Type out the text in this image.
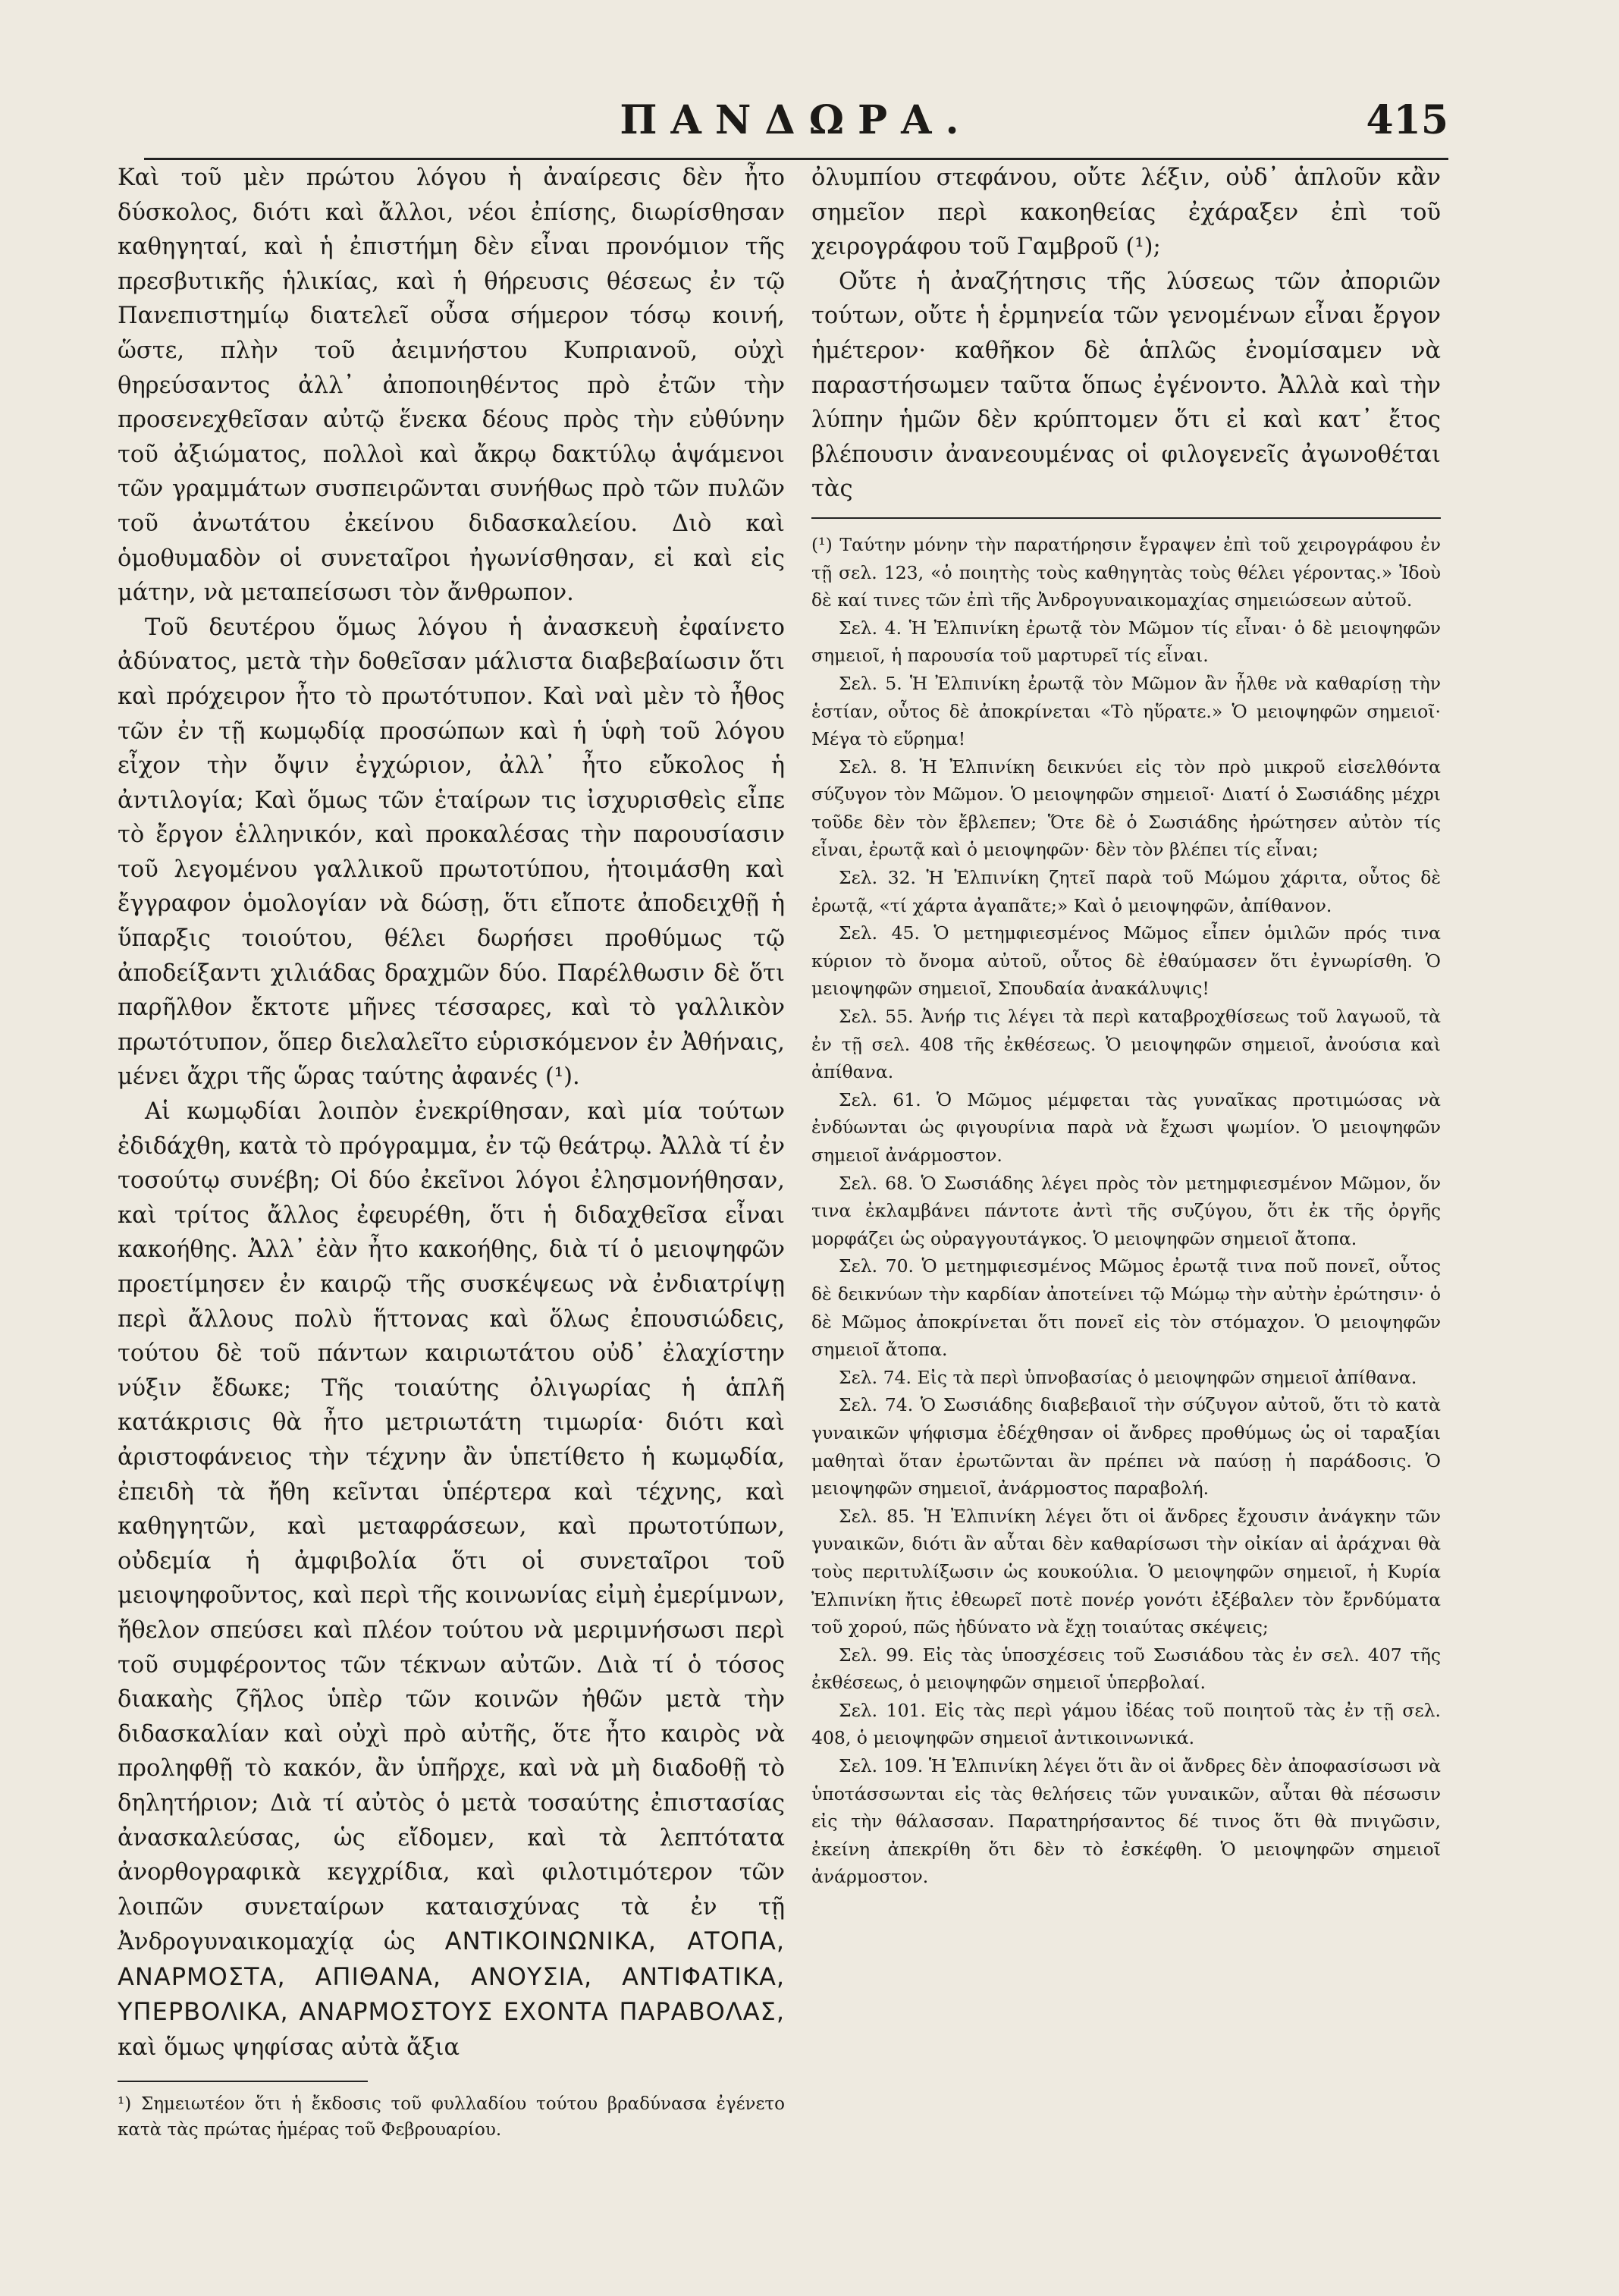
ΠΑΝΔΩΡΑ.	415

Καὶ τοῦ μὲν πρώτου λόγου ἡ ἀναίρεσις δὲν ἦτο δύσκολος, διότι καὶ ἄλλοι, νέοι ἐπίσης, διωρίσθησαν καθηγηταί, καὶ ἡ ἐπιστήμη δὲν εἶναι προνόμιον τῆς πρεσβυτικῆς ἡλικίας, καὶ ἡ θήρευσις θέσεως ἐν τῷ Πανεπιστημίῳ διατελεῖ οὖσα σήμερον τόσῳ κοινή, ὥστε, πλὴν τοῦ ἀειμνήστου Κυπριανοῦ, οὐχὶ θηρεύσαντος ἀλλ᾽ ἀποποιηθέντος πρὸ ἐτῶν τὴν προσενεχθεῖσαν αὐτῷ ἕνεκα δέους πρὸς τὴν εὐθύνην τοῦ ἀξιώματος, πολλοὶ καὶ ἄκρῳ δακτύλῳ ἁψάμενοι τῶν γραμμάτων συσπειρῶνται συνήθως πρὸ τῶν πυλῶν τοῦ ἀνωτάτου ἐκείνου διδασκαλείου. Διὸ καὶ ὁμοθυμαδὸν οἱ συνεταῖροι ἠγωνίσθησαν, εἰ καὶ εἰς μάτην, νὰ μεταπείσωσι τὸν ἄνθρωπον.

Τοῦ δευτέρου ὅμως λόγου ἡ ἀνασκευὴ ἐφαίνετο ἀδύνατος, μετὰ τὴν δοθεῖσαν μάλιστα διαβεβαίωσιν ὅτι καὶ πρόχειρον ἦτο τὸ πρωτότυπον. Καὶ ναὶ μὲν τὸ ἦθος τῶν ἐν τῇ κωμῳδίᾳ προσώπων καὶ ἡ ὑφὴ τοῦ λόγου εἶχον τὴν ὄψιν ἐγχώριον, ἀλλ᾽ ἦτο εὔκολος ἡ ἀντιλογία; Καὶ ὅμως τῶν ἑταίρων τις ἰσχυρισθεὶς εἶπε τὸ ἔργον ἑλληνικόν, καὶ προκαλέσας τὴν παρουσίασιν τοῦ λεγομένου γαλλικοῦ πρωτοτύπου, ἡτοιμάσθη καὶ ἔγγραφον ὁμολογίαν νὰ δώσῃ, ὅτι εἴποτε ἀποδειχθῇ ἡ ὕπαρξις τοιούτου, θέλει δωρήσει προθύμως τῷ ἀποδείξαντι χιλιάδας δραχμῶν δύο. Παρέλθωσιν δὲ ὅτι παρῆλθον ἔκτοτε μῆνες τέσσαρες, καὶ τὸ γαλλικὸν πρωτότυπον, ὅπερ διελαλεῖτο εὑρισκόμενον ἐν Ἀθήναις, μένει ἄχρι τῆς ὥρας ταύτης ἀφανές (¹).

Αἱ κωμῳδίαι λοιπὸν ἐνεκρίθησαν, καὶ μία τούτων ἐδιδάχθη, κατὰ τὸ πρόγραμμα, ἐν τῷ θεάτρῳ. Ἀλλὰ τί ἐν τοσούτῳ συνέβη; Οἱ δύο ἐκεῖνοι λόγοι ἐλησμονήθησαν, καὶ τρίτος ἄλλος ἐφευρέθη, ὅτι ἡ διδαχθεῖσα εἶναι κακοήθης. Ἀλλ᾽ ἐὰν ἦτο κακοήθης, διὰ τί ὁ μειοψηφῶν προετίμησεν ἐν καιρῷ τῆς συσκέψεως νὰ ἐνδιατρίψῃ περὶ ἄλλους πολὺ ἥττονας καὶ ὅλως ἐπουσιώδεις, τούτου δὲ τοῦ πάντων καιριωτάτου οὐδ᾽ ἐλαχίστην νύξιν ἔδωκε; Τῆς τοιαύτης ὀλιγωρίας ἡ ἁπλῆ κατάκρισις θὰ ἦτο μετριωτάτη τιμωρία· διότι καὶ ἀριστοφάνειος τὴν τέχνην ἂν ὑπετίθετο ἡ κωμῳδία, ἐπειδὴ τὰ ἤθη κεῖνται ὑπέρτερα καὶ τέχνης, καὶ καθηγητῶν, καὶ μεταφράσεων, καὶ πρωτοτύπων, οὐδεμία ἡ ἀμφιβολία ὅτι οἱ συνεταῖροι τοῦ μειοψηφοῦντος, καὶ περὶ τῆς κοινωνίας εἰμὴ ἐμερίμνων, ἤθελον σπεύσει καὶ πλέον τούτου νὰ μεριμνήσωσι περὶ τοῦ συμφέροντος τῶν τέκνων αὐτῶν. Διὰ τί ὁ τόσος διακαὴς ζῆλος ὑπὲρ τῶν κοινῶν ἠθῶν μετὰ τὴν διδασκαλίαν καὶ οὐχὶ πρὸ αὐτῆς, ὅτε ἦτο καιρὸς νὰ προληφθῇ τὸ κακόν, ἂν ὑπῆρχε, καὶ νὰ μὴ διαδοθῇ τὸ δηλητήριον; Διὰ τί αὐτὸς ὁ μετὰ τοσαύτης ἐπιστασίας ἀνασκαλεύσας, ὡς εἴδομεν, καὶ τὰ λεπτότατα ἀνορθογραφικὰ κεγχρίδια, καὶ φιλοτιμότερον τῶν λοιπῶν συνεταίρων καταισχύνας τὰ ἐν τῇ Ἀνδρογυναικομαχίᾳ ὡς ΑΝΤΙΚΟΙΝΩΝΙΚΑ, ΑΤΟΠΑ, ΑΝΑΡΜΟΣΤΑ, ΑΠΙΘΑΝΑ, ΑΝΟΥΣΙΑ, ΑΝΤΙΦΑΤΙΚΑ, ΥΠΕΡΒΟΛΙΚΑ, ΑΝΑΡΜΟΣΤΟΥΣ ΕΧΟΝΤΑ ΠΑΡΑΒΟΛΑΣ, καὶ ὅμως ψηφίσας αὐτὰ ἄξια

¹) Σημειωτέον ὅτι ἡ ἔκδοσις τοῦ φυλλαδίου τούτου βραδύνασα ἐγένετο κατὰ τὰς πρώτας ἡμέρας τοῦ Φεβρουαρίου.

ὀλυμπίου στεφάνου, οὔτε λέξιν, οὐδ᾽ ἁπλοῦν κἂν σημεῖον περὶ κακοηθείας ἐχάραξεν ἐπὶ τοῦ χειρογράφου τοῦ Γαμβροῦ (¹);

Οὔτε ἡ ἀναζήτησις τῆς λύσεως τῶν ἀποριῶν τούτων, οὔτε ἡ ἑρμηνεία τῶν γενομένων εἶναι ἔργον ἡμέτερον· καθῆκον δὲ ἁπλῶς ἐνομίσαμεν νὰ παραστήσωμεν ταῦτα ὅπως ἐγένοντο. Ἀλλὰ καὶ τὴν λύπην ἡμῶν δὲν κρύπτομεν ὅτι εἰ καὶ κατ᾽ ἔτος βλέπουσιν ἀνανεουμένας οἱ φιλογενεῖς ἀγωνοθέται τὰς

(¹) Ταύτην μόνην τὴν παρατήρησιν ἔγραψεν ἐπὶ τοῦ χειρογράφου ἐν τῇ σελ. 123, «ὁ ποιητὴς τοὺς καθηγητὰς τοὺς θέλει γέροντας.» Ἰδοὺ δὲ καί τινες τῶν ἐπὶ τῆς Ἀνδρογυναικομαχίας σημειώσεων αὐτοῦ.

Σελ. 4. Ἡ Ἐλπινίκη ἐρωτᾷ τὸν Μῶμον τίς εἶναι· ὁ δὲ μειοψηφῶν σημειοῖ, ἡ παρουσία τοῦ μαρτυρεῖ τίς εἶναι.

Σελ. 5. Ἡ Ἐλπινίκη ἐρωτᾷ τὸν Μῶμον ἂν ἦλθε νὰ καθαρίσῃ τὴν ἑστίαν, οὗτος δὲ ἀποκρίνεται «Τὸ ηὕρατε.» Ὁ μειοψηφῶν σημειοῖ· Μέγα τὸ εὕρημα!

Σελ. 8. Ἡ Ἐλπινίκη δεικνύει εἰς τὸν πρὸ μικροῦ εἰσελθόντα σύζυγον τὸν Μῶμον. Ὁ μειοψηφῶν σημειοῖ· Διατί ὁ Σωσιάδης μέχρι τοῦδε δὲν τὸν ἔβλεπεν; Ὅτε δὲ ὁ Σωσιάδης ἠρώτησεν αὐτὸν τίς εἶναι, ἐρωτᾷ καὶ ὁ μειοψηφῶν· δὲν τὸν βλέπει τίς εἶναι;

Σελ. 32. Ἡ Ἐλπινίκη ζητεῖ παρὰ τοῦ Μώμου χάριτα, οὗτος δὲ ἐρωτᾷ, «τί χάρτα ἀγαπᾶτε;» Καὶ ὁ μειοψηφῶν, ἀπίθανον.

Σελ. 45. Ὁ μετημφιεσμένος Μῶμος εἶπεν ὁμιλῶν πρός τινα κύριον τὸ ὄνομα αὐτοῦ, οὗτος δὲ ἐθαύμασεν ὅτι ἐγνωρίσθη. Ὁ μειοψηφῶν σημειοῖ, Σπουδαία ἀνακάλυψις!

Σελ. 55. Ἀνήρ τις λέγει τὰ περὶ καταβροχθίσεως τοῦ λαγωοῦ, τὰ ἐν τῇ σελ. 408 τῆς ἐκθέσεως. Ὁ μειοψηφῶν σημειοῖ, ἀνούσια καὶ ἀπίθανα.

Σελ. 61. Ὁ Μῶμος μέμφεται τὰς γυναῖκας προτιμώσας νὰ ἐνδύωνται ὡς φιγουρίνια παρὰ νὰ ἔχωσι ψωμίον. Ὁ μειοψηφῶν σημειοῖ ἀνάρμοστον.

Σελ. 68. Ὁ Σωσιάδης λέγει πρὸς τὸν μετημφιεσμένον Μῶμον, ὅν τινα ἐκλαμβάνει πάντοτε ἀντὶ τῆς συζύγου, ὅτι ἐκ τῆς ὀργῆς μορφάζει ὡς οὐραγγουτάγκος. Ὁ μειοψηφῶν σημειοῖ ἄτοπα.

Σελ. 70. Ὁ μετημφιεσμένος Μῶμος ἐρωτᾷ τινα ποῦ πονεῖ, οὗτος δὲ δεικνύων τὴν καρδίαν ἀποτείνει τῷ Μώμῳ τὴν αὐτὴν ἐρώτησιν· ὁ δὲ Μῶμος ἀποκρίνεται ὅτι πονεῖ εἰς τὸν στόμαχον. Ὁ μειοψηφῶν σημειοῖ ἄτοπα.

Σελ. 74. Εἰς τὰ περὶ ὑπνοβασίας ὁ μειοψηφῶν σημειοῖ ἀπίθανα.

Σελ. 74. Ὁ Σωσιάδης διαβεβαιοῖ τὴν σύζυγον αὐτοῦ, ὅτι τὸ κατὰ γυναικῶν ψήφισμα ἐδέχθησαν οἱ ἄνδρες προθύμως ὡς οἱ ταραξίαι μαθηταὶ ὅταν ἐρωτῶνται ἂν πρέπει νὰ παύσῃ ἡ παράδοσις. Ὁ μειοψηφῶν σημειοῖ, ἀνάρμοστος παραβολή.

Σελ. 85. Ἡ Ἐλπινίκη λέγει ὅτι οἱ ἄνδρες ἔχουσιν ἀνάγκην τῶν γυναικῶν, διότι ἂν αὗται δὲν καθαρίσωσι τὴν οἰκίαν αἱ ἀράχναι θὰ τοὺς περιτυλίξωσιν ὡς κουκούλια. Ὁ μειοψηφῶν σημειοῖ, ἡ Κυρία Ἐλπινίκη ἤτις ἐθεωρεῖ ποτὲ πονέρ γονότι ἐξέβαλεν τὸν ἔρνδύματα τοῦ χορού, πῶς ἠδύνατο νὰ ἔχῃ τοιαύτας σκέψεις;

Σελ. 99. Εἰς τὰς ὑποσχέσεις τοῦ Σωσιάδου τὰς ἐν σελ. 407 τῆς ἐκθέσεως, ὁ μειοψηφῶν σημειοῖ ὑπερβολαί.

Σελ. 101. Εἰς τὰς περὶ γάμου ἰδέας τοῦ ποιητοῦ τὰς ἐν τῇ σελ. 408, ὁ μειοψηφῶν σημειοῖ ἀντικοινωνικά.

Σελ. 109. Ἡ Ἐλπινίκη λέγει ὅτι ἂν οἱ ἄνδρες δὲν ἀποφασίσωσι νὰ ὑποτάσσωνται εἰς τὰς θελήσεις τῶν γυναικῶν, αὗται θὰ πέσωσιν εἰς τὴν θάλασσαν. Παρατηρήσαντος δέ τινος ὅτι θὰ πνιγῶσιν, ἐκείνη ἀπεκρίθη ὅτι δὲν τὸ ἐσκέφθη. Ὁ μειοψηφῶν σημειοῖ ἀνάρμοστον.
